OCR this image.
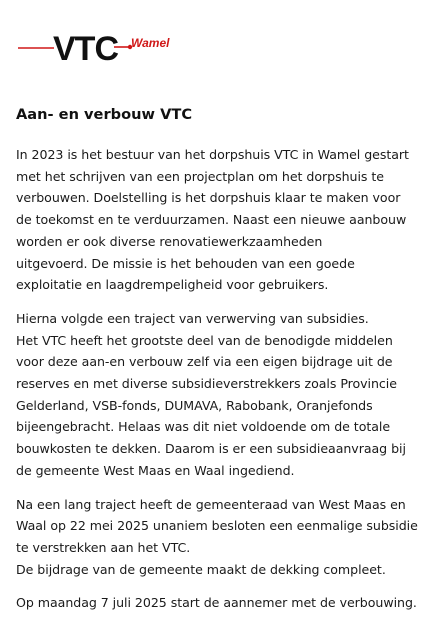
VTC Wamel
Aan- en verbouw VTC
In 2023 is het bestuur van het dorpshuis VTC in Wamel gestart
met het schrijven van een projectplan om het dorpshuis te
verbouwen. Doelstelling is het dorpshuis klaar te maken voor
de toekomst en te verduurzamen. Naast een nieuwe aanbouw
worden er ook diverse renovatiewerkzaamheden
uitgevoerd. De missie is het behouden van een goede
exploitatie en laagdrempeligheid voor gebruikers.
Hierna volgde een traject van verwerving van subsidies.
Het VTC heeft het grootste deel van de benodigde middelen
voor deze aan-en verbouw zelf via een eigen bijdrage uit de
reserves en met diverse subsidieverstrekkers zoals Provincie
Gelderland, VSB-fonds, DUMAVA, Rabobank, Oranjefonds
bijeengebracht. Helaas was dit niet voldoende om de totale
bouwkosten te dekken. Daarom is er een subsidieaanvraag bij
de gemeente West Maas en Waal ingediend.
Na een lang traject heeft de gemeenteraad van West Maas en
Waal op 22 mei 2025 unaniem besloten een eenmalige subsidie
te verstrekken aan het VTC.
De bijdrage van de gemeente maakt de dekking compleet.
Op maandag 7 juli 2025 start de aannemer met de verbouwing.
